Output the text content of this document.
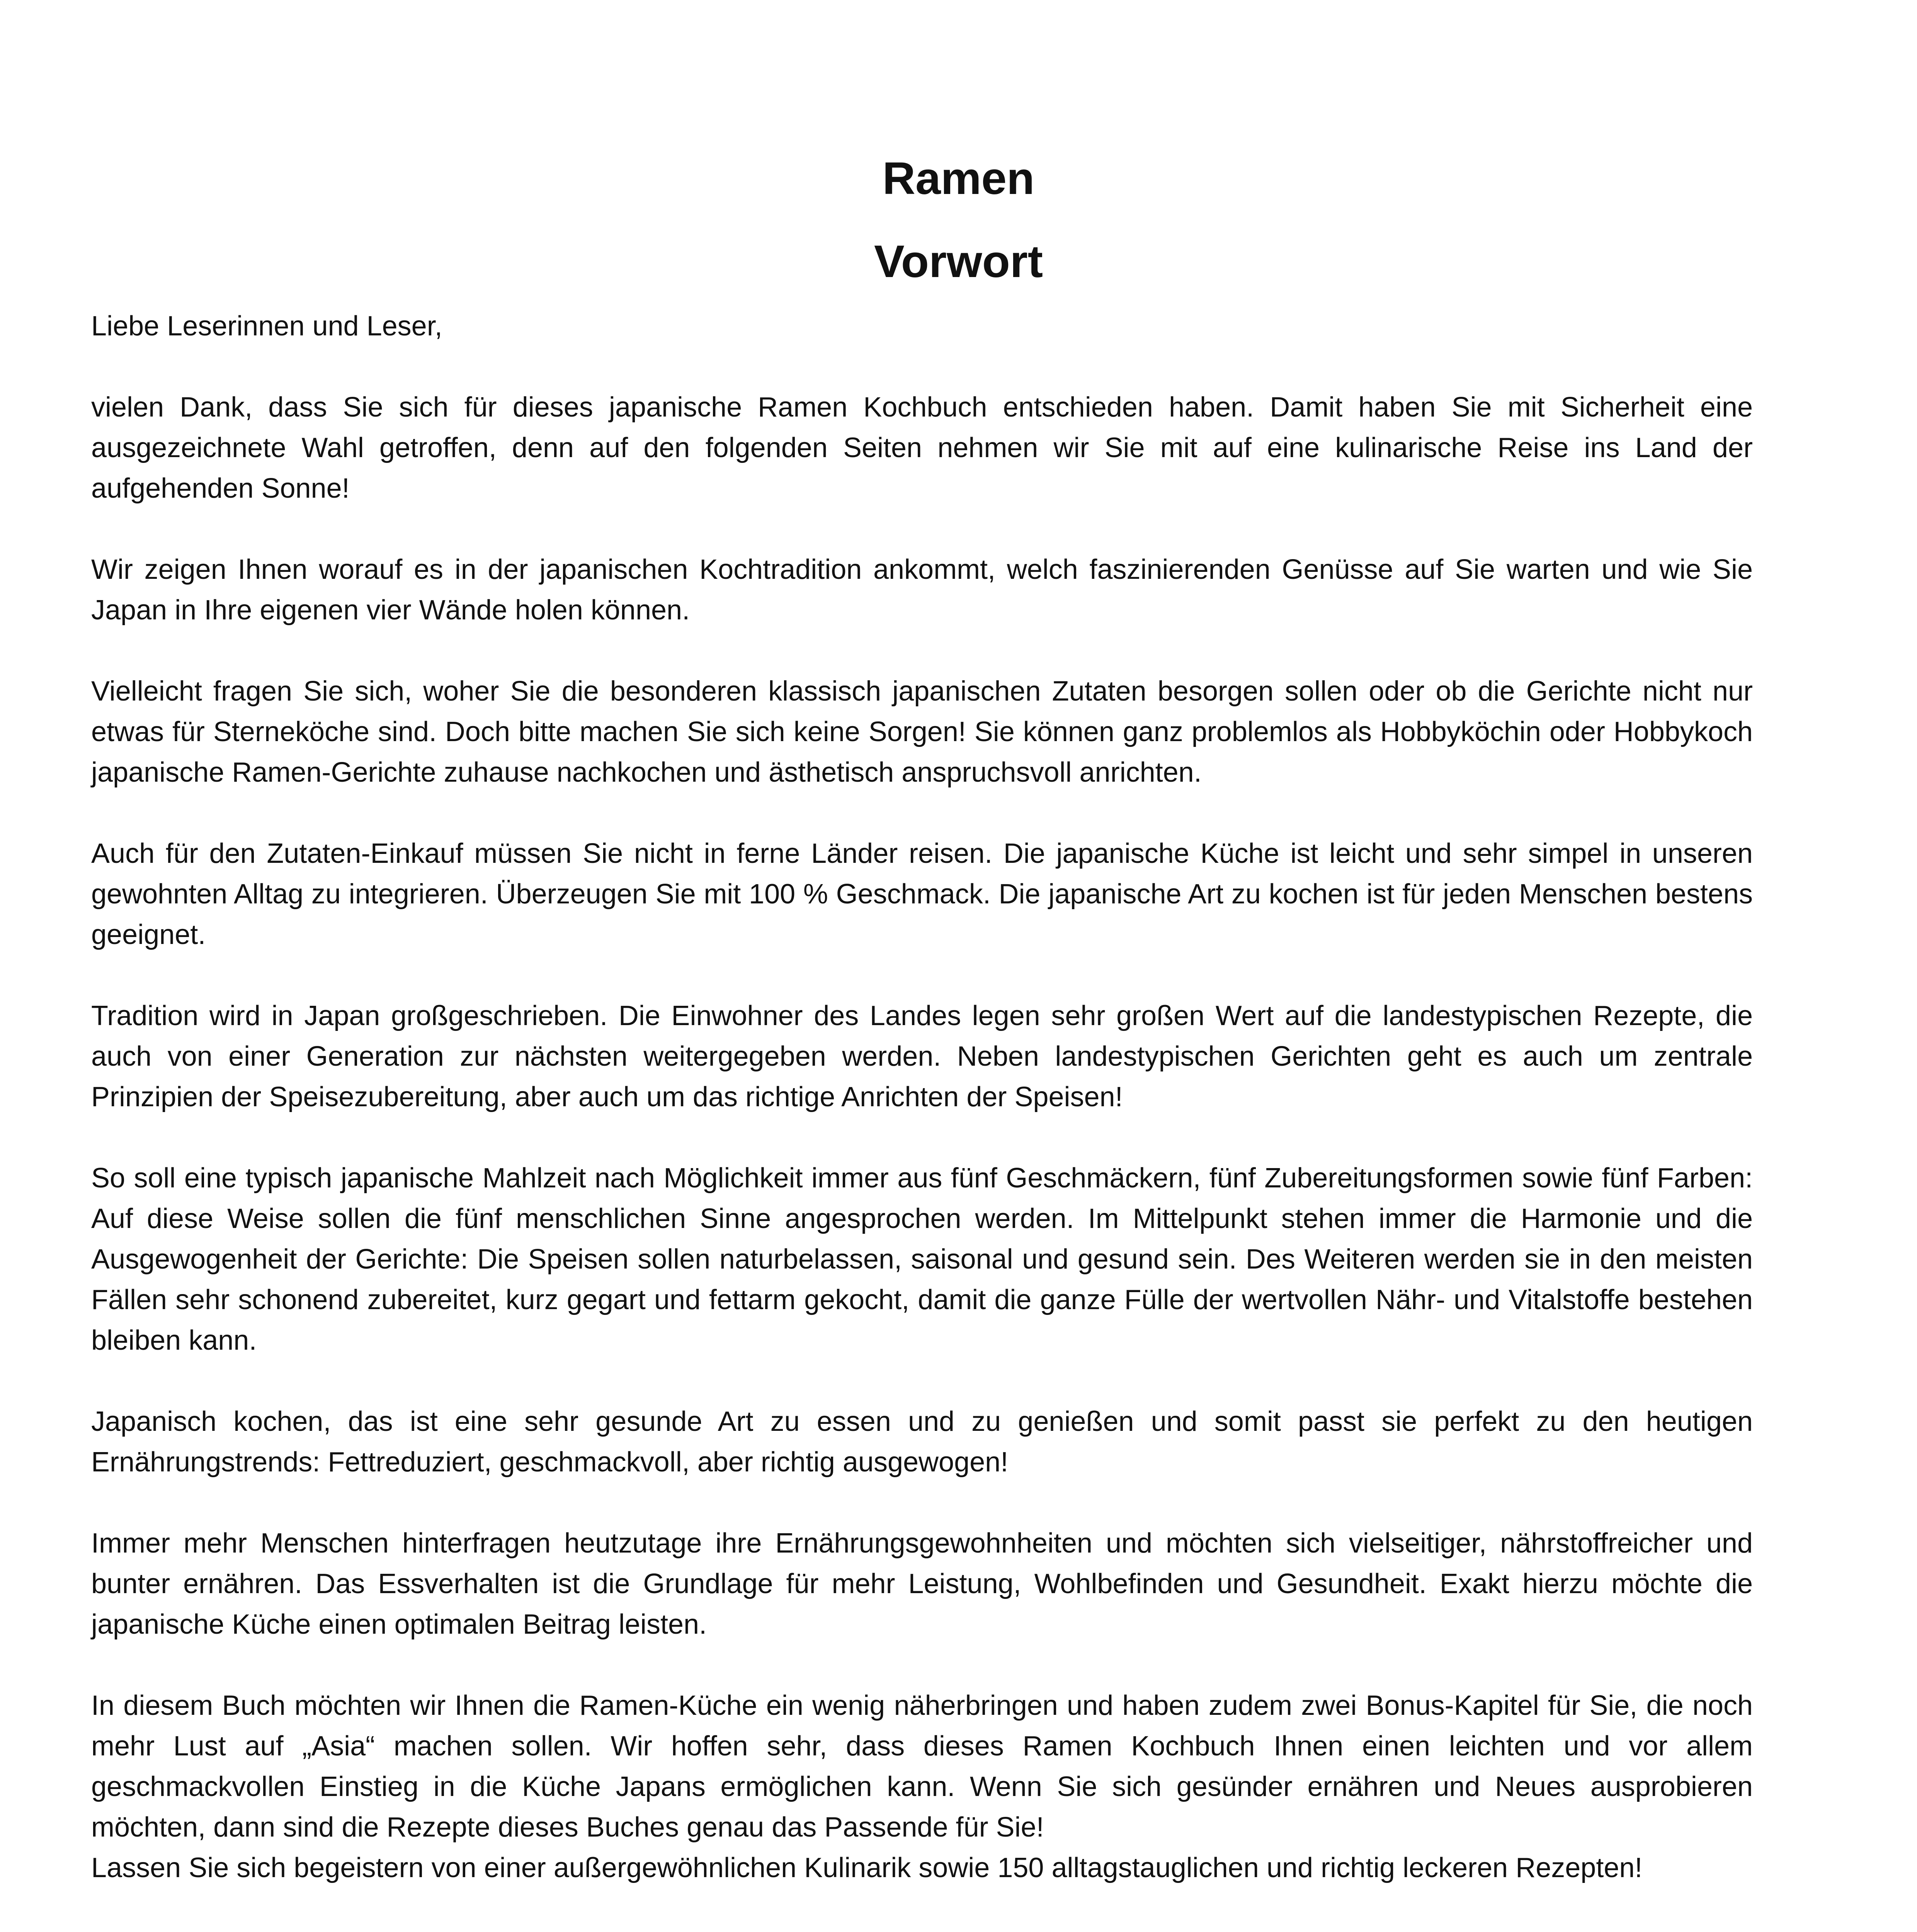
Ramen
Vorwort

Liebe Leserinnen und Leser,

vielen Dank, dass Sie sich für dieses japanische Ramen Kochbuch entschieden haben. Damit haben Sie mit Sicherheit eine ausgezeichnete Wahl getroffen, denn auf den folgenden Seiten nehmen wir Sie mit auf eine kulinarische Reise ins Land der aufgehenden Sonne!

Wir zeigen Ihnen worauf es in der japanischen Kochtradition ankommt, welch faszinierenden Genüsse auf Sie warten und wie Sie Japan in Ihre eigenen vier Wände holen können.

Vielleicht fragen Sie sich, woher Sie die besonderen klassisch japanischen Zutaten besorgen sollen oder ob die Gerichte nicht nur etwas für Sterneköche sind. Doch bitte machen Sie sich keine Sorgen! Sie können ganz problemlos als Hobbyköchin oder Hobbykoch japanische Ramen-Gerichte zuhause nachkochen und ästhetisch anspruchsvoll anrichten.

Auch für den Zutaten-Einkauf müssen Sie nicht in ferne Länder reisen. Die japanische Küche ist leicht und sehr simpel in unseren gewohnten Alltag zu integrieren. Überzeugen Sie mit 100 % Geschmack. Die japanische Art zu kochen ist für jeden Menschen bestens geeignet.

Tradition wird in Japan großgeschrieben. Die Einwohner des Landes legen sehr großen Wert auf die landestypischen Rezepte, die auch von einer Generation zur nächsten weitergegeben werden. Neben landestypischen Gerichten geht es auch um zentrale Prinzipien der Speisezubereitung, aber auch um das richtige Anrichten der Speisen!

So soll eine typisch japanische Mahlzeit nach Möglichkeit immer aus fünf Geschmäckern, fünf Zubereitungsformen sowie fünf Farben: Auf diese Weise sollen die fünf menschlichen Sinne angesprochen werden. Im Mittelpunkt stehen immer die Harmonie und die Ausgewogenheit der Gerichte: Die Speisen sollen naturbelassen, saisonal und gesund sein. Des Weiteren werden sie in den meisten Fällen sehr schonend zubereitet, kurz gegart und fettarm gekocht, damit die ganze Fülle der wertvollen Nähr- und Vitalstoffe bestehen bleiben kann.

Japanisch kochen, das ist eine sehr gesunde Art zu essen und zu genießen und somit passt sie perfekt zu den heutigen Ernährungstrends: Fettreduziert, geschmackvoll, aber richtig ausgewogen!

Immer mehr Menschen hinterfragen heutzutage ihre Ernährungsgewohnheiten und möchten sich vielseitiger, nährstoffreicher und bunter ernähren. Das Essverhalten ist die Grundlage für mehr Leistung, Wohlbefinden und Gesundheit. Exakt hierzu möchte die japanische Küche einen optimalen Beitrag leisten.

In diesem Buch möchten wir Ihnen die Ramen-Küche ein wenig näherbringen und haben zudem zwei Bonus-Kapitel für Sie, die noch mehr Lust auf „Asia“ machen sollen. Wir hoffen sehr, dass dieses Ramen Kochbuch Ihnen einen leichten und vor allem geschmackvollen Einstieg in die Küche Japans ermöglichen kann. Wenn Sie sich gesünder ernähren und Neues ausprobieren möchten, dann sind die Rezepte dieses Buches genau das Passende für Sie!

Lassen Sie sich begeistern von einer außergewöhnlichen Kulinarik sowie 150 alltagstauglichen und richtig leckeren Rezepten!
